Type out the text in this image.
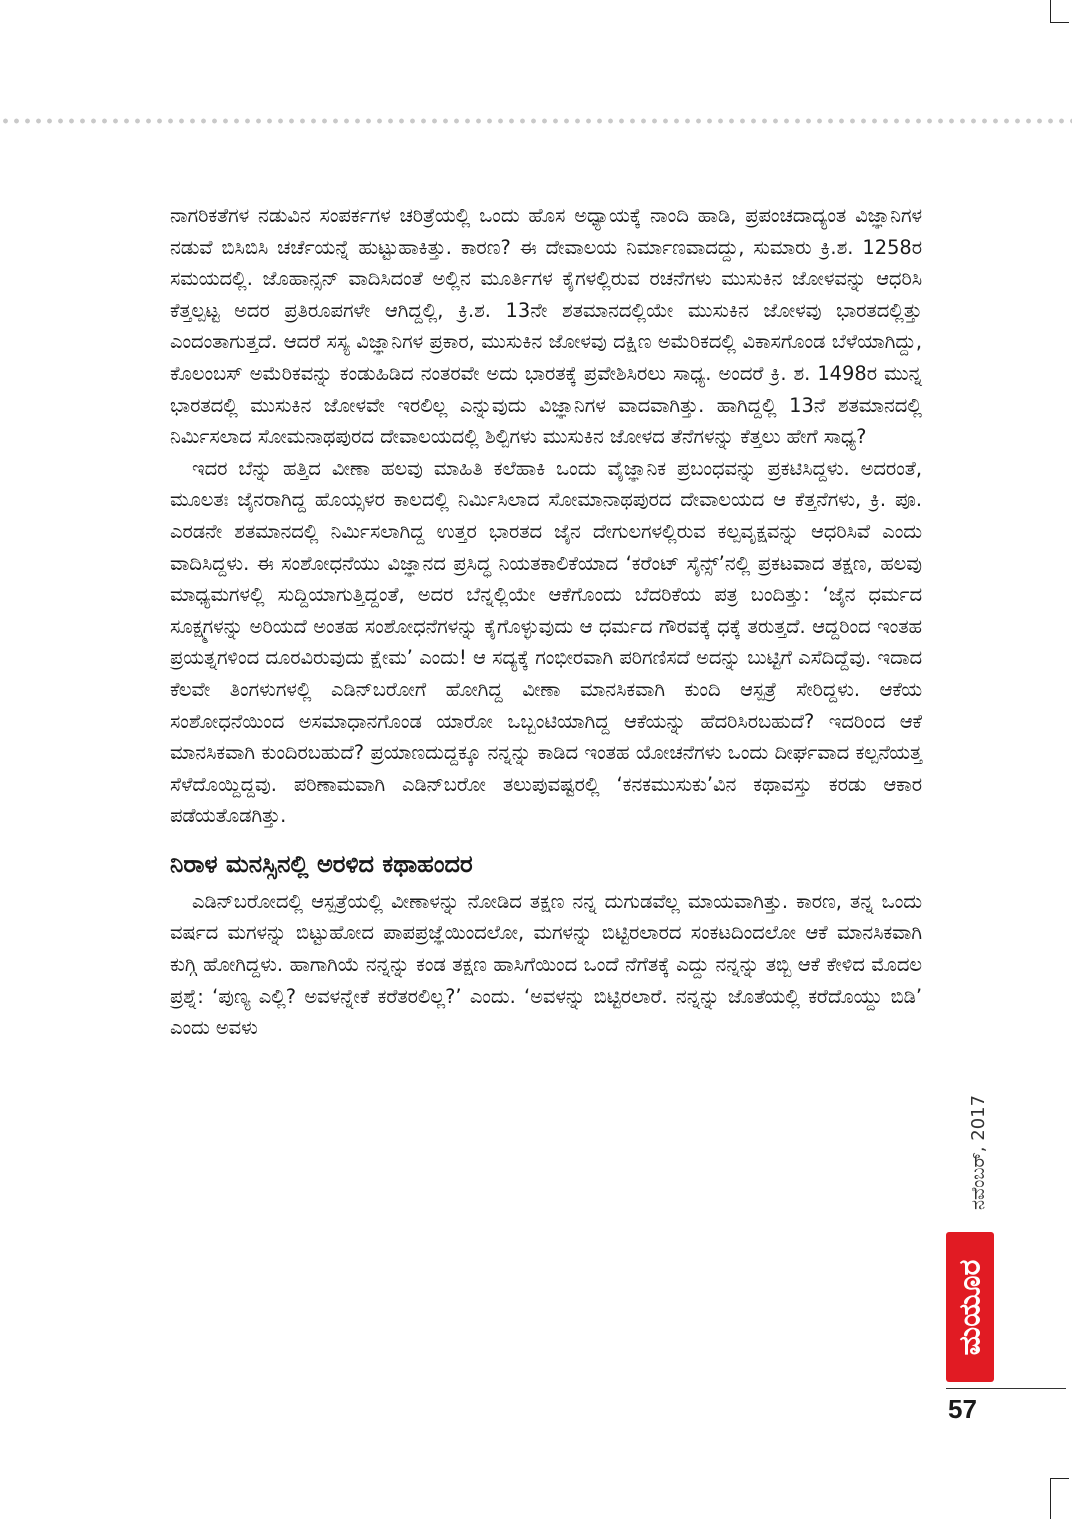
ನಾಗರಿಕತೆಗಳ ನಡುವಿನ ಸಂಪರ್ಕಗಳ ಚರಿತ್ರೆಯಲ್ಲಿ ಒಂದು ಹೊಸ ಅಧ್ಯಾಯಕ್ಕೆ ನಾಂದಿ ಹಾಡಿ, ಪ್ರಪಂಚದಾದ್ಯಂತ ವಿಜ್ಞಾನಿಗಳ ನಡುವೆ ಬಿಸಿಬಿಸಿ ಚರ್ಚೆಯನ್ನೆ ಹುಟ್ಟುಹಾಕಿತ್ತು. ಕಾರಣ? ಈ ದೇವಾಲಯ ನಿರ್ಮಾಣವಾದದ್ದು, ಸುಮಾರು ಕ್ರಿ.ಶ. 1258ರ ಸಮಯದಲ್ಲಿ. ಜೊಹಾನ್ಸನ್ ವಾದಿಸಿದಂತೆ ಅಲ್ಲಿನ ಮೂರ್ತಿಗಳ ಕೈಗಳಲ್ಲಿರುವ ರಚನೆಗಳು ಮುಸುಕಿನ ಜೋಳವನ್ನು ಆಧರಿಸಿ ಕೆತ್ತಲ್ಪಟ್ಟ ಅದರ ಪ್ರತಿರೂಪಗಳೇ ಆಗಿದ್ದಲ್ಲಿ, ಕ್ರಿ.ಶ. 13ನೇ ಶತಮಾನದಲ್ಲಿಯೇ ಮುಸುಕಿನ ಜೋಳವು ಭಾರತದಲ್ಲಿತ್ತು ಎಂದಂತಾಗುತ್ತದೆ. ಆದರೆ ಸಸ್ಯ ವಿಜ್ಞಾನಿಗಳ ಪ್ರಕಾರ, ಮುಸುಕಿನ ಜೋಳವು ದಕ್ಷಿಣ ಅಮೆರಿಕದಲ್ಲಿ ವಿಕಾಸಗೊಂಡ ಬೆಳೆಯಾಗಿದ್ದು, ಕೊಲಂಬಸ್ ಅಮೆರಿಕವನ್ನು ಕಂಡುಹಿಡಿದ ನಂತರವೇ ಅದು ಭಾರತಕ್ಕೆ ಪ್ರವೇಶಿಸಿರಲು ಸಾಧ್ಯ. ಅಂದರೆ ಕ್ರಿ. ಶ. 1498ರ ಮುನ್ನ ಭಾರತದಲ್ಲಿ ಮುಸುಕಿನ ಜೋಳವೇ ಇರಲಿಲ್ಲ ಎನ್ನುವುದು ವಿಜ್ಞಾನಿಗಳ ವಾದವಾಗಿತ್ತು. ಹಾಗಿದ್ದಲ್ಲಿ 13ನೆ ಶತಮಾನದಲ್ಲಿ ನಿರ್ಮಿಸಲಾದ ಸೋಮನಾಥಪುರದ ದೇವಾಲಯದಲ್ಲಿ ಶಿಲ್ಪಿಗಳು ಮುಸುಕಿನ ಜೋಳದ ತೆನೆಗಳನ್ನು ಕೆತ್ತಲು ಹೇಗೆ ಸಾಧ್ಯ?

ಇದರ ಬೆನ್ನು ಹತ್ತಿದ ವೀಣಾ ಹಲವು ಮಾಹಿತಿ ಕಲೆಹಾಕಿ ಒಂದು ವೈಜ್ಞಾನಿಕ ಪ್ರಬಂಧವನ್ನು ಪ್ರಕಟಿಸಿದ್ದಳು. ಅದರಂತೆ, ಮೂಲತಃ ಜೈನರಾಗಿದ್ದ ಹೊಯ್ಸಳರ ಕಾಲದಲ್ಲಿ ನಿರ್ಮಿಸಿಲಾದ ಸೋಮಾನಾಥಪುರದ ದೇವಾಲಯದ ಆ ಕೆತ್ತನೆಗಳು, ಕ್ರಿ. ಪೂ. ಎರಡನೇ ಶತಮಾನದಲ್ಲಿ ನಿರ್ಮಿಸಲಾಗಿದ್ದ ಉತ್ತರ ಭಾರತದ ಜೈನ ದೇಗುಲಗಳಲ್ಲಿರುವ ಕಲ್ಪವೃಕ್ಷವನ್ನು ಆಧರಿಸಿವೆ ಎಂದು ವಾದಿಸಿದ್ದಳು. ಈ ಸಂಶೋಧನೆಯು ವಿಜ್ಞಾನದ ಪ್ರಸಿದ್ಧ ನಿಯತಕಾಲಿಕೆಯಾದ ‘ಕರೆಂಟ್ ಸೈನ್ಸ್’ನಲ್ಲಿ ಪ್ರಕಟವಾದ ತಕ್ಷಣ, ಹಲವು ಮಾಧ್ಯಮಗಳಲ್ಲಿ ಸುದ್ದಿಯಾಗುತ್ತಿದ್ದಂತೆ, ಅದರ ಬೆನ್ನಲ್ಲಿಯೇ ಆಕೆಗೊಂದು ಬೆದರಿಕೆಯ ಪತ್ರ ಬಂದಿತ್ತು: ‘ಜೈನ ಧರ್ಮದ ಸೂಕ್ಷ್ಮಗಳನ್ನು ಅರಿಯದೆ ಅಂತಹ ಸಂಶೋಧನೆಗಳನ್ನು ಕೈಗೊಳ್ಳುವುದು ಆ ಧರ್ಮದ ಗೌರವಕ್ಕೆ ಧಕ್ಕೆ ತರುತ್ತದೆ. ಆದ್ದರಿಂದ ಇಂತಹ ಪ್ರಯತ್ನಗಳಿಂದ ದೂರವಿರುವುದು ಕ್ಷೇಮ’ ಎಂದು! ಆ ಸದ್ಯಕ್ಕೆ ಗಂಭೀರವಾಗಿ ಪರಿಗಣಿಸದೆ ಅದನ್ನು ಬುಟ್ಟಿಗೆ ಎಸೆದಿದ್ದೆವು. ಇದಾದ ಕೆಲವೇ ತಿಂಗಳುಗಳಲ್ಲಿ ಎಡಿನ್‌ಬರೋಗೆ ಹೋಗಿದ್ದ ವೀಣಾ ಮಾನಸಿಕವಾಗಿ ಕುಂದಿ ಆಸ್ಪತ್ರೆ ಸೇರಿದ್ದಳು. ಆಕೆಯ ಸಂಶೋಧನೆಯಿಂದ ಅಸಮಾಧಾನಗೊಂಡ ಯಾರೋ ಒಬ್ಬಂಟಿಯಾಗಿದ್ದ ಆಕೆಯನ್ನು ಹೆದರಿಸಿರಬಹುದೆ? ಇದರಿಂದ ಆಕೆ ಮಾನಸಿಕವಾಗಿ ಕುಂದಿರಬಹುದೆ? ಪ್ರಯಾಣದುದ್ದಕ್ಕೂ ನನ್ನನ್ನು ಕಾಡಿದ ಇಂತಹ ಯೋಚನೆಗಳು ಒಂದು ದೀರ್ಘವಾದ ಕಲ್ಪನೆಯತ್ತ ಸೆಳೆದೊಯ್ದಿದ್ದವು. ಪರಿಣಾಮವಾಗಿ ಎಡಿನ್‌ಬರೋ ತಲುಪುವಷ್ಟರಲ್ಲಿ ‘ಕನಕಮುಸುಕು’ವಿನ ಕಥಾವಸ್ತು ಕರಡು ಆಕಾರ ಪಡೆಯತೊಡಗಿತ್ತು.

ನಿರಾಳ ಮನಸ್ಸಿನಲ್ಲಿ ಅರಳಿದ ಕಥಾಹಂದರ

ಎಡಿನ್‌ಬರೋದಲ್ಲಿ ಆಸ್ಪತ್ರೆಯಲ್ಲಿ ವೀಣಾಳನ್ನು ನೋಡಿದ ತಕ್ಷಣ ನನ್ನ ದುಗುಡವೆಲ್ಲ ಮಾಯವಾಗಿತ್ತು. ಕಾರಣ, ತನ್ನ ಒಂದು ವರ್ಷದ ಮಗಳನ್ನು ಬಿಟ್ಟುಹೋದ ಪಾಪಪ್ರಜ್ಞೆಯಿಂದಲೋ, ಮಗಳನ್ನು ಬಿಟ್ಟಿರಲಾರದ ಸಂಕಟದಿಂದಲೋ ಆಕೆ ಮಾನಸಿಕವಾಗಿ ಕುಗ್ಗಿ ಹೋಗಿದ್ದಳು. ಹಾಗಾಗಿಯೆ ನನ್ನನ್ನು ಕಂಡ ತಕ್ಷಣ ಹಾಸಿಗೆಯಿಂದ ಒಂದೆ ನೆಗೆತಕ್ಕೆ ಎದ್ದು ನನ್ನನ್ನು ತಬ್ಬಿ ಆಕೆ ಕೇಳಿದ ಮೊದಲ ಪ್ರಶ್ನೆ: ‘ಪುಣ್ಯ ಎಲ್ಲಿ? ಅವಳನ್ನೇಕೆ ಕರೆತರಲಿಲ್ಲ?’ ಎಂದು. ‘ಅವಳನ್ನು ಬಿಟ್ಟಿರಲಾರೆ. ನನ್ನನ್ನು ಜೊತೆಯಲ್ಲಿ ಕರೆದೊಯ್ದು ಬಿಡಿ’ ಎಂದು ಅವಳು

ನವೆಂಬರ್, 2017
ಮಯೂರ
57
